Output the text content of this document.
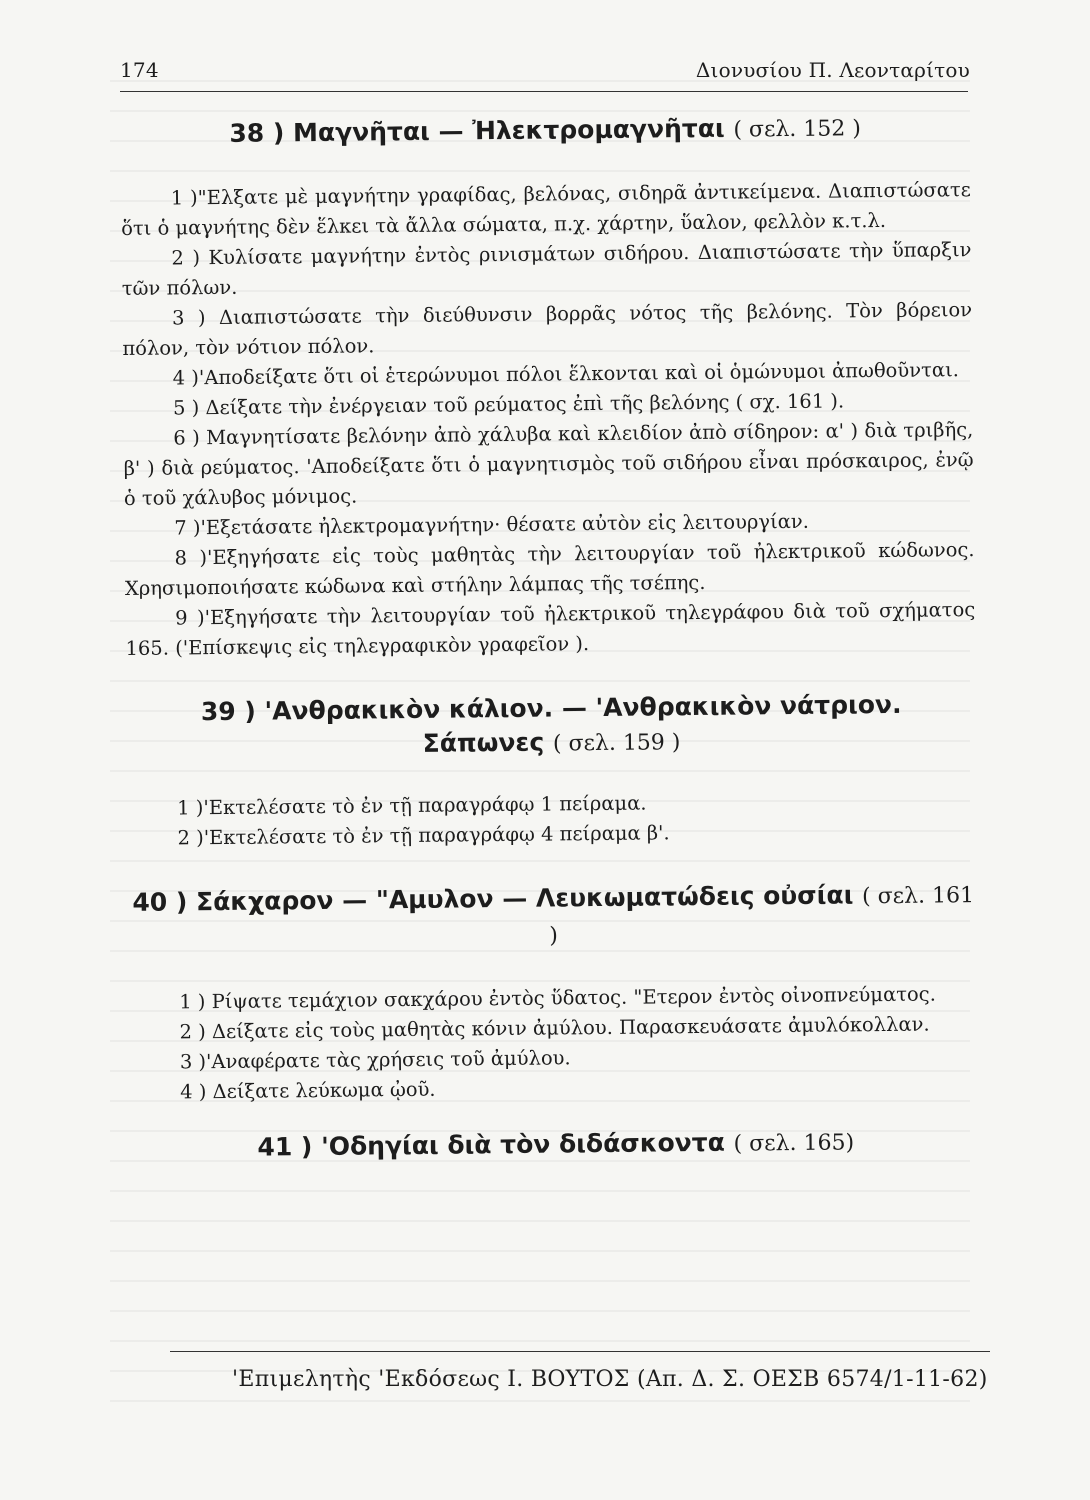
174	Διονυσίου Π. Λεονταρίτου
38 ) Μαγνῆται — Ἠλεκτρομαγνῆται ( σελ. 152 )

1 )"Ελξατε μὲ μαγνήτην γραφίδας, βελόνας, σιδηρᾶ ἀντικείμενα. Διαπιστώσατε ὅτι ὁ μαγνήτης δὲν ἕλκει τὰ ἄλλα σώματα, π.χ. χάρτην, ὕαλον, φελλὸν κ.τ.λ.

2 ) Κυλίσατε μαγνήτην ἐντὸς ρινισμάτων σιδήρου. Διαπιστώσατε τὴν ὕπαρξιν τῶν πόλων.

3 ) Διαπιστώσατε τὴν διεύθυνσιν βορρᾶς νότος τῆς βελόνης. Τὸν βόρειον πόλον, τὸν νότιον πόλον.

4 )'Αποδείξατε ὅτι οἱ ἑτερώνυμοι πόλοι ἕλκονται καὶ οἱ ὁμώνυμοι ἀπωθοῦνται.

5 ) Δείξατε τὴν ἐνέργειαν τοῦ ρεύματος ἐπὶ τῆς βελόνης ( σχ. 161 ).

6 ) Μαγνητίσατε βελόνην ἀπὸ χάλυβα καὶ κλειδίον ἀπὸ σίδηρον: α' ) διὰ τριβῆς, β' ) διὰ ρεύματος. 'Αποδείξατε ὅτι ὁ μαγνητισμὸς τοῦ σιδήρου εἶναι πρόσκαιρος, ἐνῷ ὁ τοῦ χάλυβος μόνιμος.

7 )'Εξετάσατε ἠλεκτρομαγνήτην· θέσατε αὐτὸν εἰς λειτουργίαν.

8 )'Εξηγήσατε εἰς τοὺς μαθητὰς τὴν λειτουργίαν τοῦ ἠλεκτρικοῦ κώδωνος. Χρησιμοποιήσατε κώδωνα καὶ στήλην λάμπας τῆς τσέπης.

9 )'Εξηγήσατε τὴν λειτουργίαν τοῦ ἠλεκτρικοῦ τηλεγράφου διὰ τοῦ σχήματος 165. ('Επίσκεψις εἰς τηλεγραφικὸν γραφεῖον ).

39 ) 'Ανθρακικὸν κάλιον. — 'Ανθρακικὸν νάτριον.
Σάπωνες ( σελ. 159 )

1 )'Εκτελέσατε τὸ ἐν τῇ παραγράφῳ 1 πείραμα.

2 )'Εκτελέσατε τὸ ἐν τῇ παραγράφῳ 4 πείραμα β'.

40 ) Σάκχαρον — "Αμυλον — Λευκωματώδεις οὐσίαι ( σελ. 161 )

1 ) Ρίψατε τεμάχιον σακχάρου ἐντὸς ὕδατος. "Ετερον ἐντὸς οἰνοπνεύματος.

2 ) Δείξατε εἰς τοὺς μαθητὰς κόνιν ἀμύλου. Παρασκευάσατε ἀμυλόκολλαν.

3 )'Αναφέρατε τὰς χρήσεις τοῦ ἀμύλου.

4 ) Δείξατε λεύκωμα ᾠοῦ.

41 ) 'Οδηγίαι διὰ τὸν διδάσκοντα ( σελ. 165)
'Επιμελητὴς 'Εκδόσεως Ι. ΒΟΥΤΟΣ (Απ. Δ. Σ. ΟΕΣΒ 6574/1-11-62)
